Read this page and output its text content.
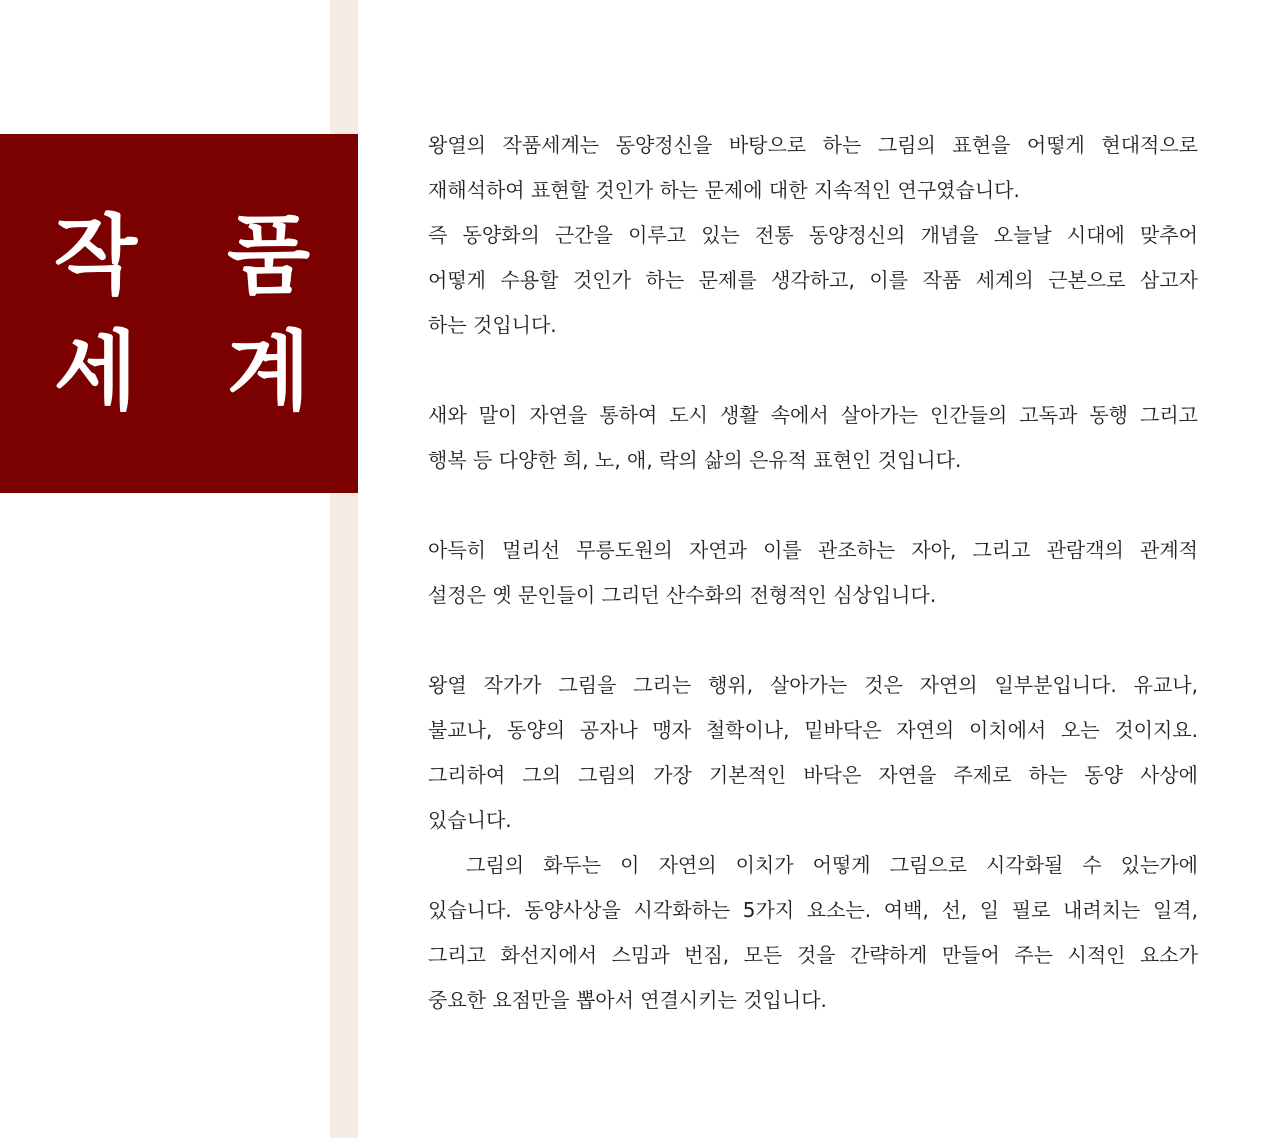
작 품
세 계
왕열의 작품세계는 동양정신을 바탕으로 하는 그림의 표현을 어떻게 현대적으로
재해석하여 표현할 것인가 하는 문제에 대한 지속적인 연구였습니다.
즉 동양화의 근간을 이루고 있는 전통 동양정신의 개념을 오늘날 시대에 맞추어
어떻게 수용할 것인가 하는 문제를 생각하고, 이를 작품 세계의 근본으로 삼고자
하는 것입니다.
새와 말이 자연을 통하여 도시 생활 속에서 살아가는 인간들의 고독과 동행 그리고
행복 등 다양한 희, 노, 애, 락의 삶의 은유적 표현인 것입니다.
아득히 멀리선 무릉도원의 자연과 이를 관조하는 자아, 그리고 관람객의 관계적
설정은 옛 문인들이 그리던 산수화의 전형적인 심상입니다.
왕열 작가가 그림을 그리는 행위, 살아가는 것은 자연의 일부분입니다. 유교나,
불교나, 동양의 공자나 맹자 철학이나, 밑바닥은 자연의 이치에서 오는 것이지요.
그리하여 그의 그림의 가장 기본적인 바닥은 자연을 주제로 하는 동양 사상에
있습니다.
그림의 화두는 이 자연의 이치가 어떻게 그림으로 시각화될 수 있는가에
있습니다. 동양사상을 시각화하는 5가지 요소는. 여백, 선, 일 필로 내려치는 일격,
그리고 화선지에서 스밈과 번짐, 모든 것을 간략하게 만들어 주는 시적인 요소가
중요한 요점만을 뽑아서 연결시키는 것입니다.
